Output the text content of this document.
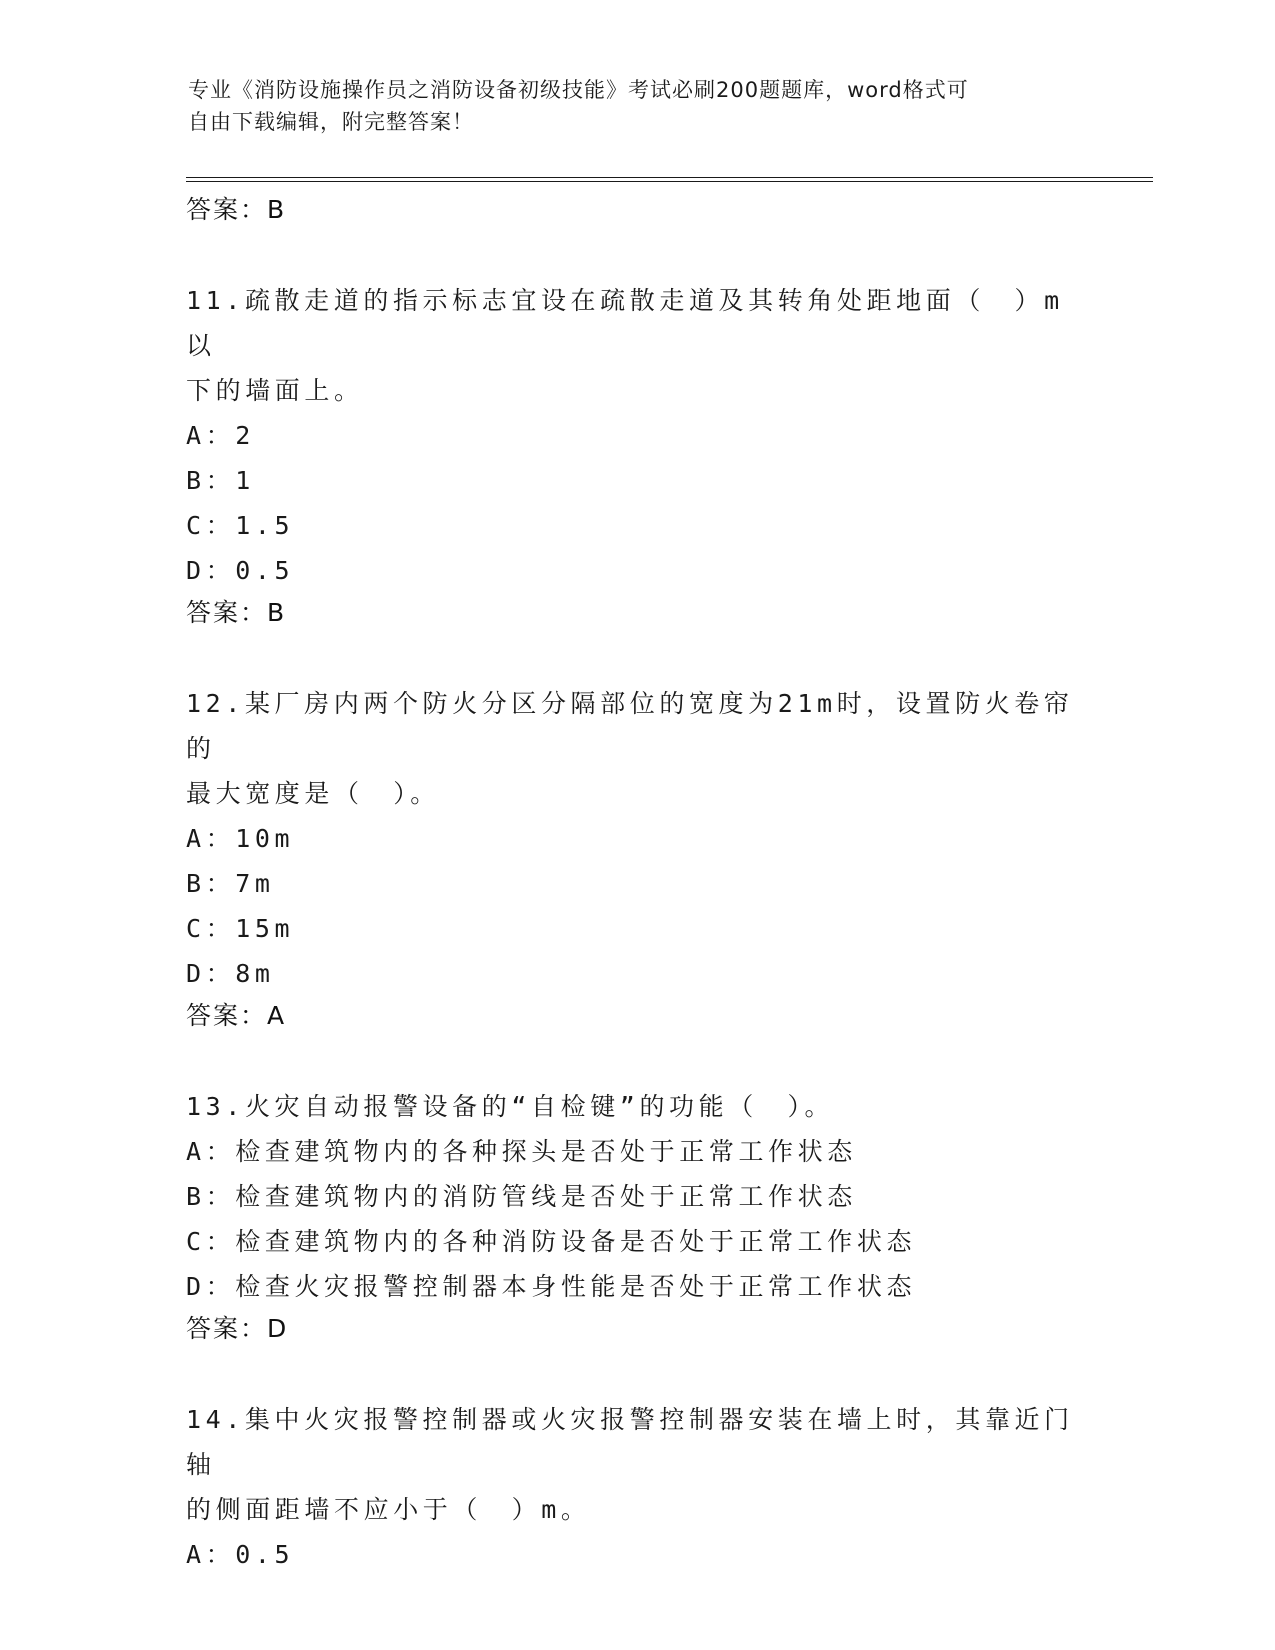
专业《消防设施操作员之消防设备初级技能》考试必刷200题题库，word格式可
自由下载编辑，附完整答案！
答案：B
11.疏散走道的指示标志宜设在疏散走道及其转角处距地面（　）m以
下的墙面上。
A：2
B：1
C：1.5
D：0.5
答案：B
12.某厂房内两个防火分区分隔部位的宽度为21m时，设置防火卷帘的
最大宽度是（　）。
A：10m
B：7m
C：15m
D：8m
答案：A
13.火灾自动报警设备的“自检键”的功能（　）。
A：检查建筑物内的各种探头是否处于正常工作状态
B：检查建筑物内的消防管线是否处于正常工作状态
C：检查建筑物内的各种消防设备是否处于正常工作状态
D：检查火灾报警控制器本身性能是否处于正常工作状态
答案：D
14.集中火灾报警控制器或火灾报警控制器安装在墙上时，其靠近门轴
的侧面距墙不应小于（　）m。
A：0.5
